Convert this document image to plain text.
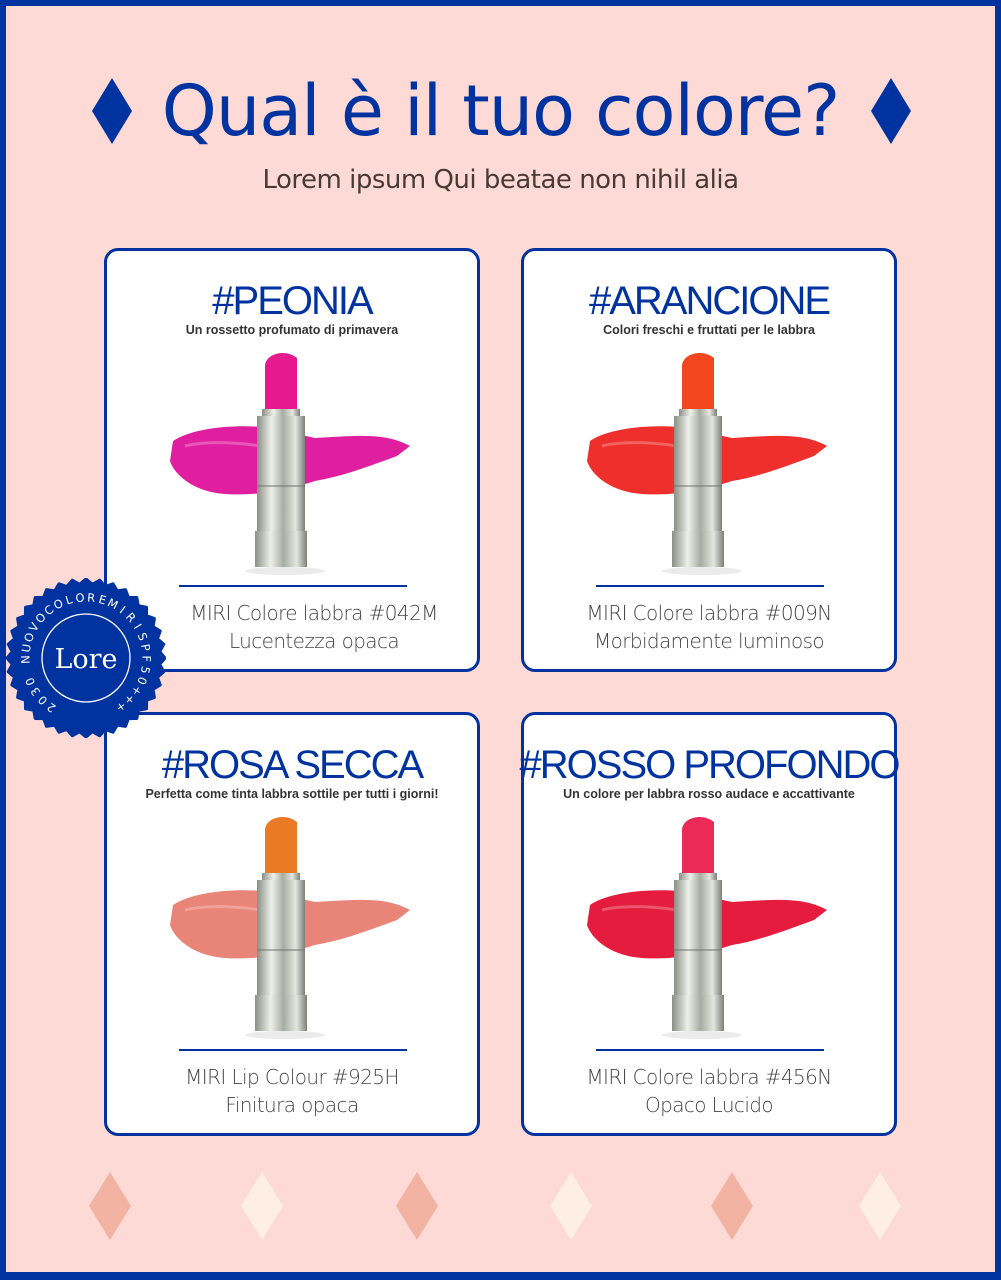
Qual è il tuo colore?
Lorem ipsum Qui beatae non nihil alia
#PEONIA
Un rossetto profumato di primavera
MIRI Colore labbra #042M
Lucentezza opaca
#ARANCIONE
Colori freschi e fruttati per le labbra
MIRI Colore labbra #009N
Morbidamente luminoso
#ROSA SECCA
Perfetta come tinta labbra sottile per tutti i giorni!
MIRI Lip Colour #925H
Finitura opaca
#ROSSO PROFONDO
Un colore per labbra rosso audace e accattivante
MIRI Colore labbra #456N
Opaco Lucido
Lore
2
0
3
0
N
U
O
V
O
C
O
L O R E
M
I
R
I
S
P
F
5
0
+
+
+
